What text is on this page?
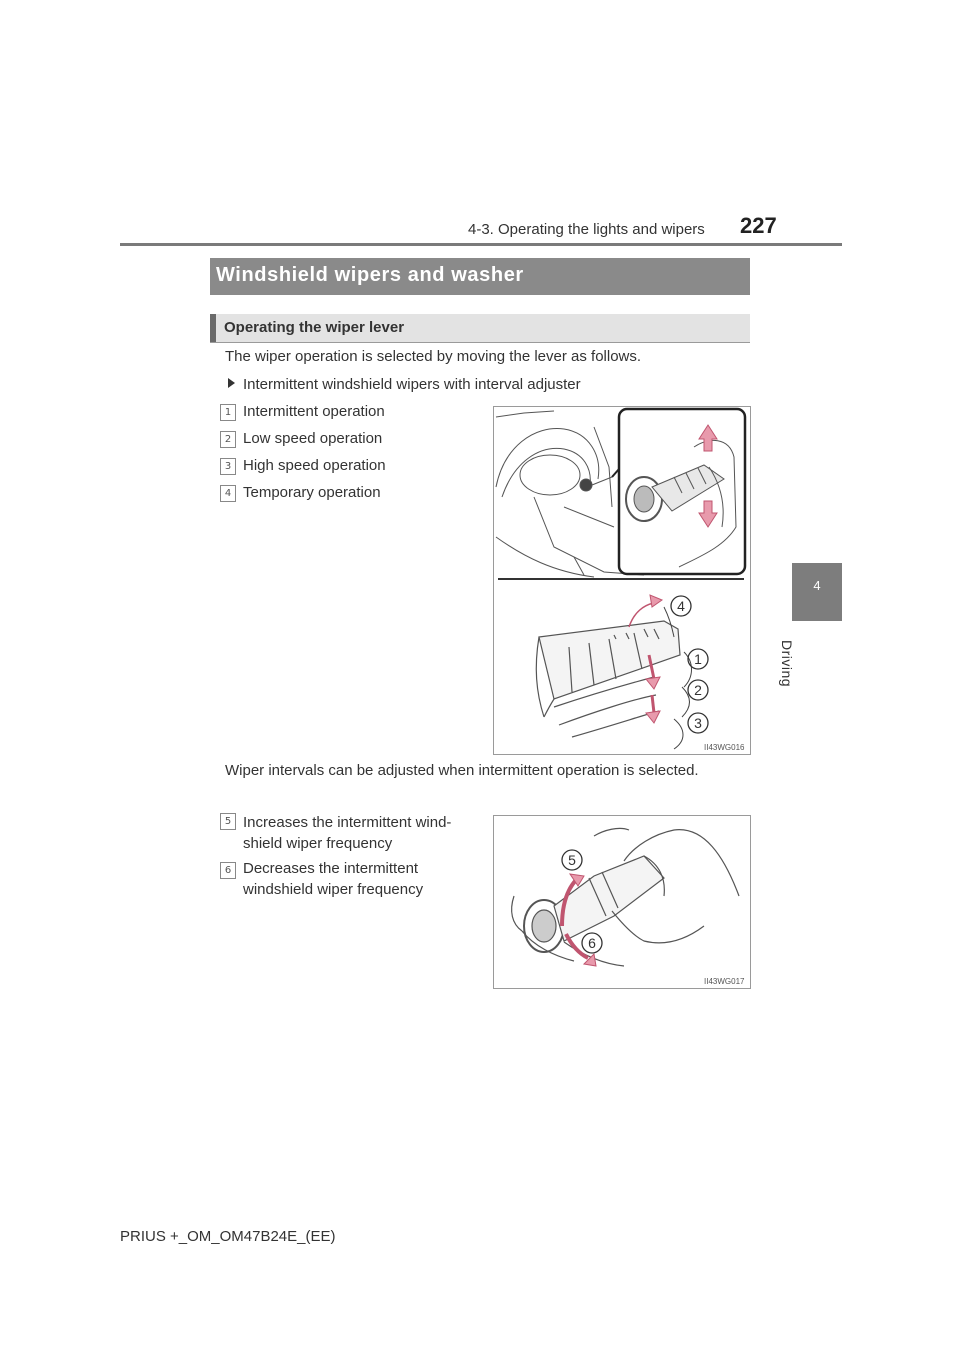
4-3. Operating the lights and wipers 227
4
Driving
Windshield wipers and washer
Operating the wiper lever
The wiper operation is selected by moving the lever as follows.
Intermittent windshield wipers with interval adjuster
1 Intermittent operation
2 Low speed operation
3 High speed operation
4 Temporary operation
4
1
2
3
II43WG016
Wiper intervals can be adjusted when intermittent operation is selected.
5 Increases the intermittent wind-
shield wiper frequency
6 Decreases the intermittent
windshield wiper frequency
5
6
II43WG017
PRIUS +_OM_OM47B24E_(EE)
